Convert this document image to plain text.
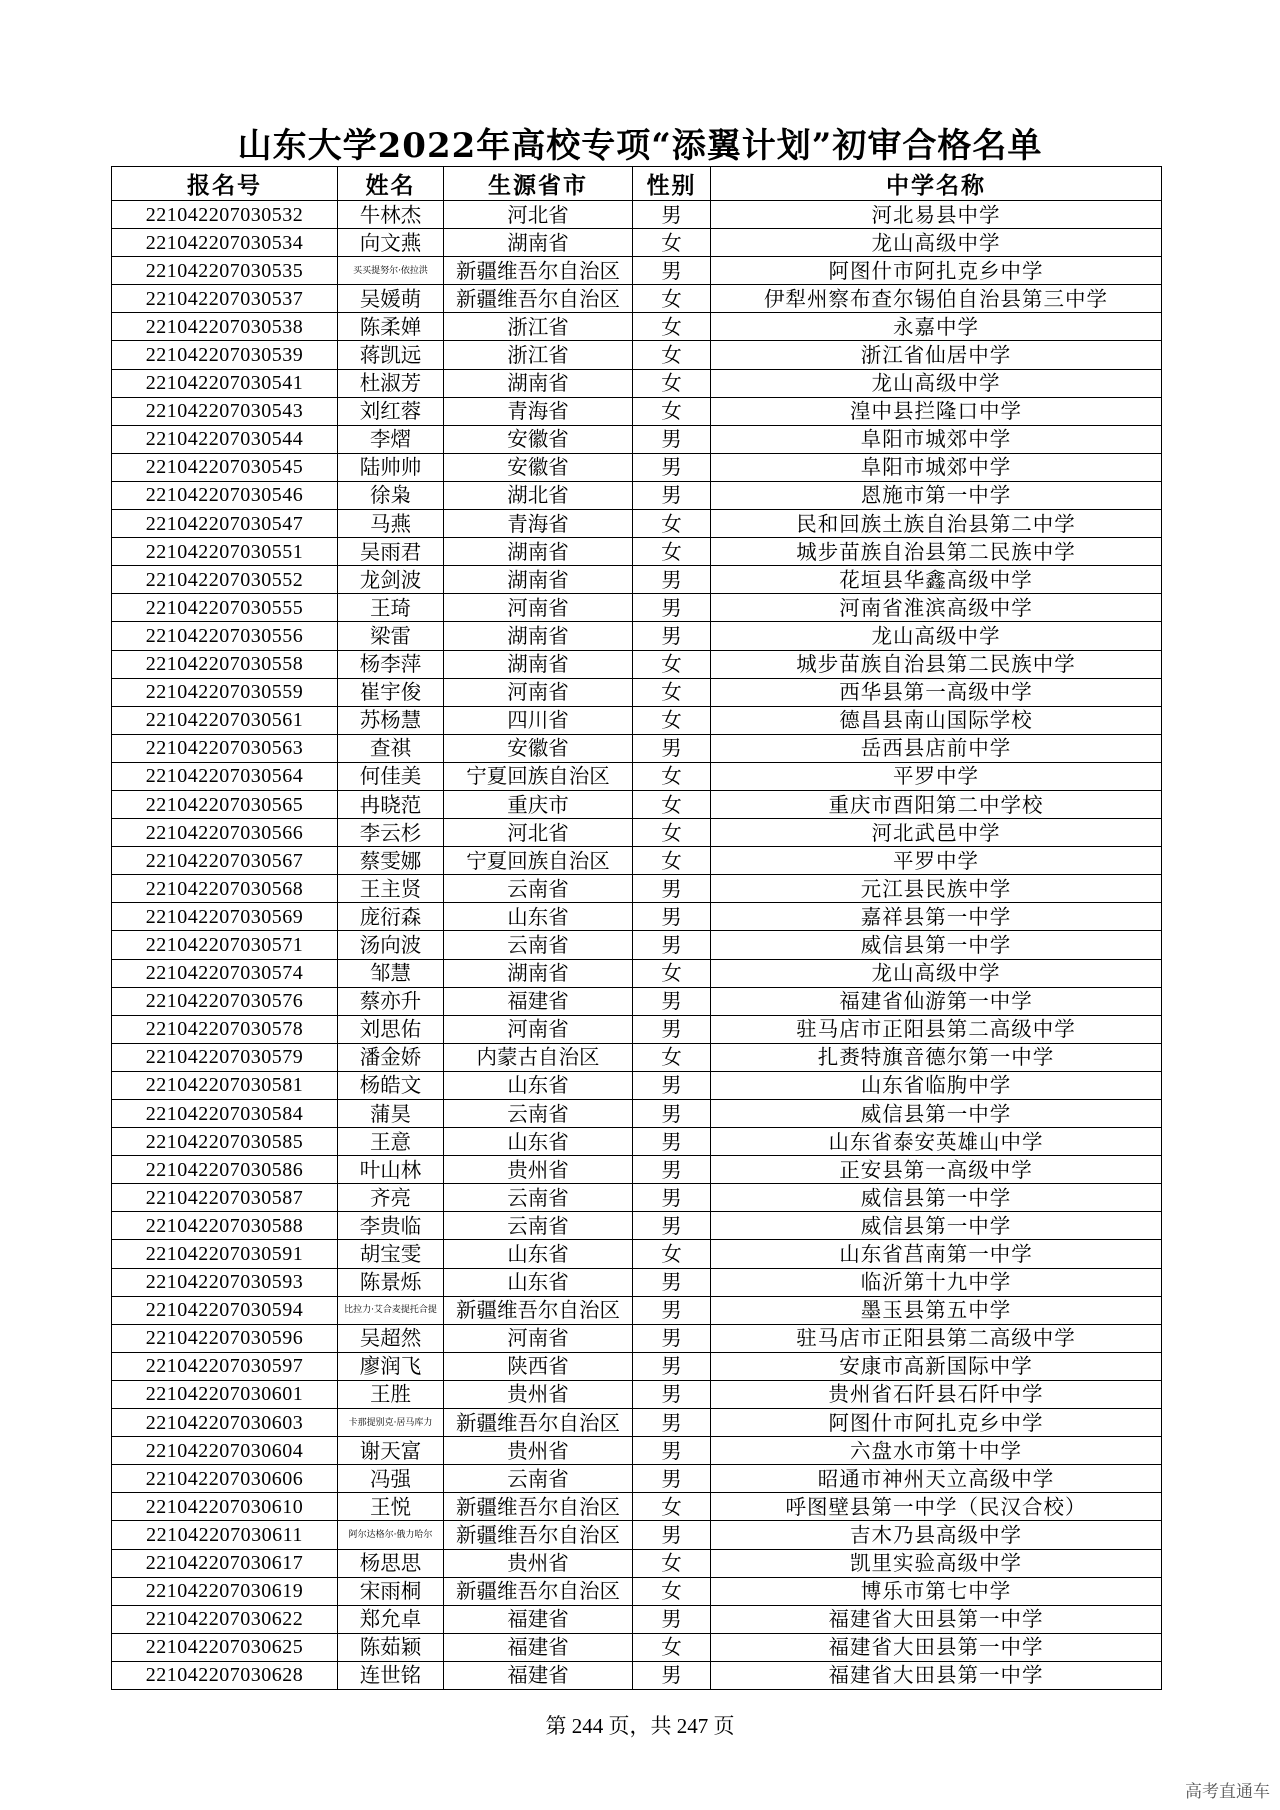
山东大学2022年高校专项“添翼计划”初审合格名单
报名号	姓名	生源省市	性别	中学名称
221042207030532	牛林杰	河北省	男	河北易县中学
221042207030534	向文燕	湖南省	女	龙山高级中学
221042207030535	买买提努尔·依拉洪	新疆维吾尔自治区	男	阿图什市阿扎克乡中学
221042207030537	吴媛萌	新疆维吾尔自治区	女	伊犁州察布查尔锡伯自治县第三中学
221042207030538	陈柔婵	浙江省	女	永嘉中学
221042207030539	蒋凯远	浙江省	女	浙江省仙居中学
221042207030541	杜淑芳	湖南省	女	龙山高级中学
221042207030543	刘红蓉	青海省	女	湟中县拦隆口中学
221042207030544	李熠	安徽省	男	阜阳市城郊中学
221042207030545	陆帅帅	安徽省	男	阜阳市城郊中学
221042207030546	徐枭	湖北省	男	恩施市第一中学
221042207030547	马燕	青海省	女	民和回族土族自治县第二中学
221042207030551	吴雨君	湖南省	女	城步苗族自治县第二民族中学
221042207030552	龙剑波	湖南省	男	花垣县华鑫高级中学
221042207030555	王琦	河南省	男	河南省淮滨高级中学
221042207030556	梁雷	湖南省	男	龙山高级中学
221042207030558	杨李萍	湖南省	女	城步苗族自治县第二民族中学
221042207030559	崔宇俊	河南省	女	西华县第一高级中学
221042207030561	苏杨慧	四川省	女	德昌县南山国际学校
221042207030563	查祺	安徽省	男	岳西县店前中学
221042207030564	何佳美	宁夏回族自治区	女	平罗中学
221042207030565	冉晓范	重庆市	女	重庆市酉阳第二中学校
221042207030566	李云杉	河北省	女	河北武邑中学
221042207030567	蔡雯娜	宁夏回族自治区	女	平罗中学
221042207030568	王主贤	云南省	男	元江县民族中学
221042207030569	庞衍森	山东省	男	嘉祥县第一中学
221042207030571	汤向波	云南省	男	威信县第一中学
221042207030574	邹慧	湖南省	女	龙山高级中学
221042207030576	蔡亦升	福建省	男	福建省仙游第一中学
221042207030578	刘思佑	河南省	男	驻马店市正阳县第二高级中学
221042207030579	潘金娇	内蒙古自治区	女	扎赉特旗音德尔第一中学
221042207030581	杨皓文	山东省	男	山东省临朐中学
221042207030584	蒲昊	云南省	男	威信县第一中学
221042207030585	王意	山东省	男	山东省泰安英雄山中学
221042207030586	叶山林	贵州省	男	正安县第一高级中学
221042207030587	齐亮	云南省	男	威信县第一中学
221042207030588	李贵临	云南省	男	威信县第一中学
221042207030591	胡宝雯	山东省	女	山东省莒南第一中学
221042207030593	陈景烁	山东省	男	临沂第十九中学
221042207030594	比拉力·艾合麦提托合提	新疆维吾尔自治区	男	墨玉县第五中学
221042207030596	吴超然	河南省	男	驻马店市正阳县第二高级中学
221042207030597	廖润飞	陕西省	男	安康市高新国际中学
221042207030601	王胜	贵州省	男	贵州省石阡县石阡中学
221042207030603	卡那提别克·居马库力	新疆维吾尔自治区	男	阿图什市阿扎克乡中学
221042207030604	谢天富	贵州省	男	六盘水市第十中学
221042207030606	冯强	云南省	男	昭通市神州天立高级中学
221042207030610	王悦	新疆维吾尔自治区	女	呼图壁县第一中学（民汉合校）
221042207030611	阿尔达格尔·俄力哈尔	新疆维吾尔自治区	男	吉木乃县高级中学
221042207030617	杨思思	贵州省	女	凯里实验高级中学
221042207030619	宋雨桐	新疆维吾尔自治区	女	博乐市第七中学
221042207030622	郑允卓	福建省	男	福建省大田县第一中学
221042207030625	陈茹颖	福建省	女	福建省大田县第一中学
221042207030628	连世铭	福建省	男	福建省大田县第一中学
第 244 页，共 247 页
高考直通车
